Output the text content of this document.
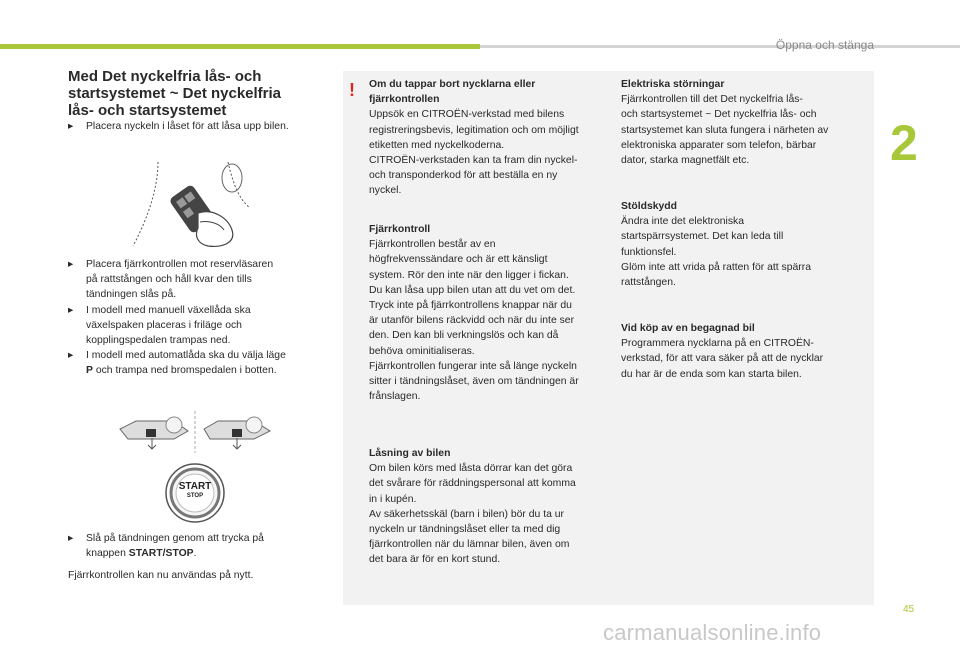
Öppna och stänga
2
Med Det nyckelfria lås- och
startsystemet ~ Det nyckelfria
lås- och startsystemet
▸ Placera nyckeln i låset för att låsa upp bilen.
▸ Placera fjärrkontrollen mot reservläsaren
på rattstången och håll kvar den tills
tändningen slås på.
▸ I modell med manuell växellåda ska
växelspaken placeras i friläge och
kopplingspedalen trampas ned.
▸ I modell med automatlåda ska du välja läge
P och trampa ned bromspedalen i botten.
START
STOP
▸ Slå på tändningen genom att trycka på
knappen START/STOP.
Fjärrkontrollen kan nu användas på nytt.
! Om du tappar bort nycklarna eller
fjärrkontrollen
Uppsök en CITROËN-verkstad med bilens
registreringsbevis, legitimation och om möjligt
etiketten med nyckelkoderna.
CITROËN-verkstaden kan ta fram din nyckel-
och transponderkod för att beställa en ny
nyckel.
Fjärrkontroll
Fjärrkontrollen består av en
högfrekvenssändare och är ett känsligt
system. Rör den inte när den ligger i fickan.
Du kan låsa upp bilen utan att du vet om det.
Tryck inte på fjärrkontrollens knappar när du
är utanför bilens räckvidd och när du inte ser
den. Den kan bli verkningslös och kan då
behöva ominitialiseras.
Fjärrkontrollen fungerar inte så länge nyckeln
sitter i tändningslåset, även om tändningen är
frånslagen.
Låsning av bilen
Om bilen körs med låsta dörrar kan det göra
det svårare för räddningspersonal att komma
in i kupén.
Av säkerhetsskäl (barn i bilen) bör du ta ur
nyckeln ur tändningslåset eller ta med dig
fjärrkontrollen när du lämnar bilen, även om
det bara är för en kort stund.
Elektriska störningar
Fjärrkontrollen till det Det nyckelfria lås-
och startsystemet ~ Det nyckelfria lås- och
startsystemet kan sluta fungera i närheten av
elektroniska apparater som telefon, bärbar
dator, starka magnetfält etc.
Stöldskydd
Ändra inte det elektroniska
startspärrsystemet. Det kan leda till
funktionsfel.
Glöm inte att vrida på ratten för att spärra
rattstången.
Vid köp av en begagnad bil
Programmera nycklarna på en CITROËN-
verkstad, för att vara säker på att de nycklar
du har är de enda som kan starta bilen.
45
carmanualsonline.info
